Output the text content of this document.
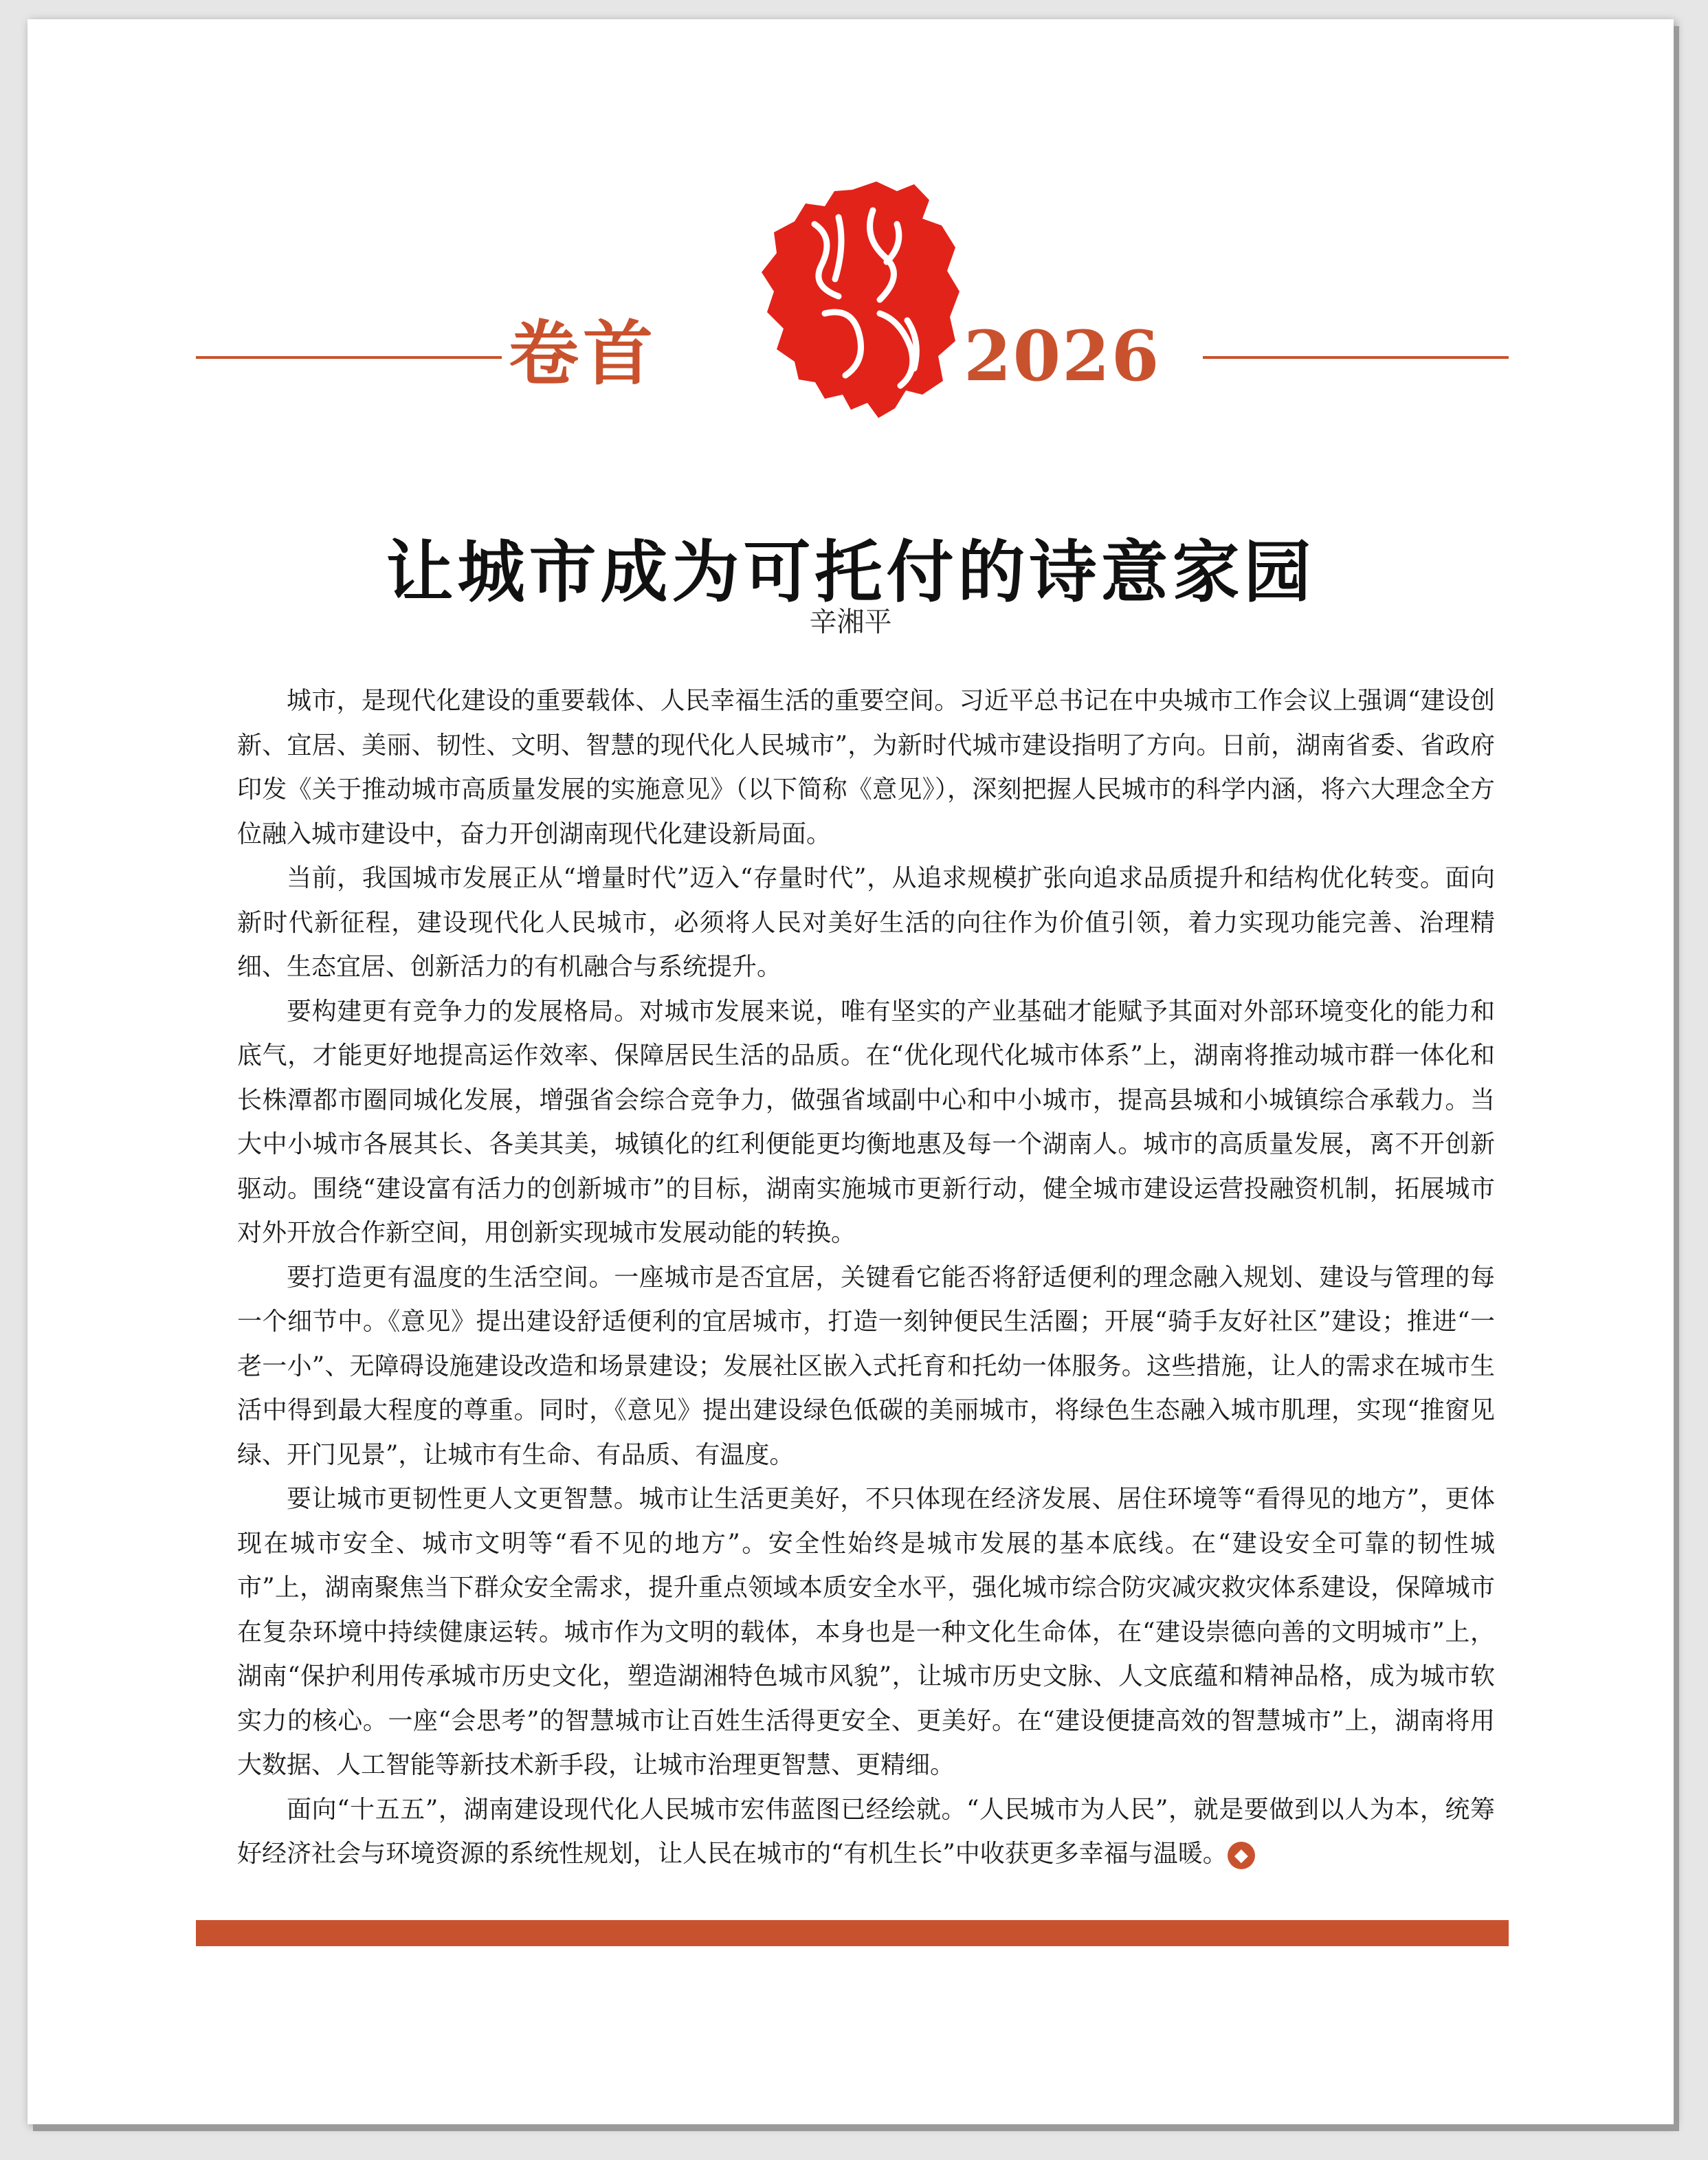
卷首	2026
让城市成为可托付的诗意家园
辛湘平

城市，是现代化建设的重要载体、人民幸福生活的重要空间。习近平总书记在中央城市工作会议上强调“建设创新、宜居、美丽、韧性、文明、智慧的现代化人民城市”，为新时代城市建设指明了方向。日前，湖南省委、省政府印发《关于推动城市高质量发展的实施意见》（以下简称《意见》），深刻把握人民城市的科学内涵，将六大理念全方位融入城市建设中，奋力开创湖南现代化建设新局面。

当前，我国城市发展正从“增量时代”迈入“存量时代”，从追求规模扩张向追求品质提升和结构优化转变。面向新时代新征程，建设现代化人民城市，必须将人民对美好生活的向往作为价值引领，着力实现功能完善、治理精细、生态宜居、创新活力的有机融合与系统提升。

要构建更有竞争力的发展格局。对城市发展来说，唯有坚实的产业基础才能赋予其面对外部环境变化的能力和底气，才能更好地提高运作效率、保障居民生活的品质。在“优化现代化城市体系”上，湖南将推动城市群一体化和长株潭都市圈同城化发展，增强省会综合竞争力，做强省域副中心和中小城市，提高县城和小城镇综合承载力。当大中小城市各展其长、各美其美，城镇化的红利便能更均衡地惠及每一个湖南人。城市的高质量发展，离不开创新驱动。围绕“建设富有活力的创新城市”的目标，湖南实施城市更新行动，健全城市建设运营投融资机制，拓展城市对外开放合作新空间，用创新实现城市发展动能的转换。

要打造更有温度的生活空间。一座城市是否宜居，关键看它能否将舒适便利的理念融入规划、建设与管理的每一个细节中。《意见》提出建设舒适便利的宜居城市，打造一刻钟便民生活圈；开展“骑手友好社区”建设；推进“一老一小”、无障碍设施建设改造和场景建设；发展社区嵌入式托育和托幼一体服务。这些措施，让人的需求在城市生活中得到最大程度的尊重。同时，《意见》提出建设绿色低碳的美丽城市，将绿色生态融入城市肌理，实现“推窗见绿、开门见景”，让城市有生命、有品质、有温度。

要让城市更韧性更人文更智慧。城市让生活更美好，不只体现在经济发展、居住环境等“看得见的地方”，更体现在城市安全、城市文明等“看不见的地方”。安全性始终是城市发展的基本底线。在“建设安全可靠的韧性城市”上，湖南聚焦当下群众安全需求，提升重点领域本质安全水平，强化城市综合防灾减灾救灾体系建设，保障城市在复杂环境中持续健康运转。城市作为文明的载体，本身也是一种文化生命体，在“建设崇德向善的文明城市”上，湖南“保护利用传承城市历史文化，塑造湖湘特色城市风貌”，让城市历史文脉、人文底蕴和精神品格，成为城市软实力的核心。一座“会思考”的智慧城市让百姓生活得更安全、更美好。在“建设便捷高效的智慧城市”上，湖南将用大数据、人工智能等新技术新手段，让城市治理更智慧、更精细。

面向“十五五”，湖南建设现代化人民城市宏伟蓝图已经绘就。“人民城市为人民”，就是要做到以人为本，统筹好经济社会与环境资源的系统性规划，让人民在城市的“有机生长”中收获更多幸福与温暖。 ◆
